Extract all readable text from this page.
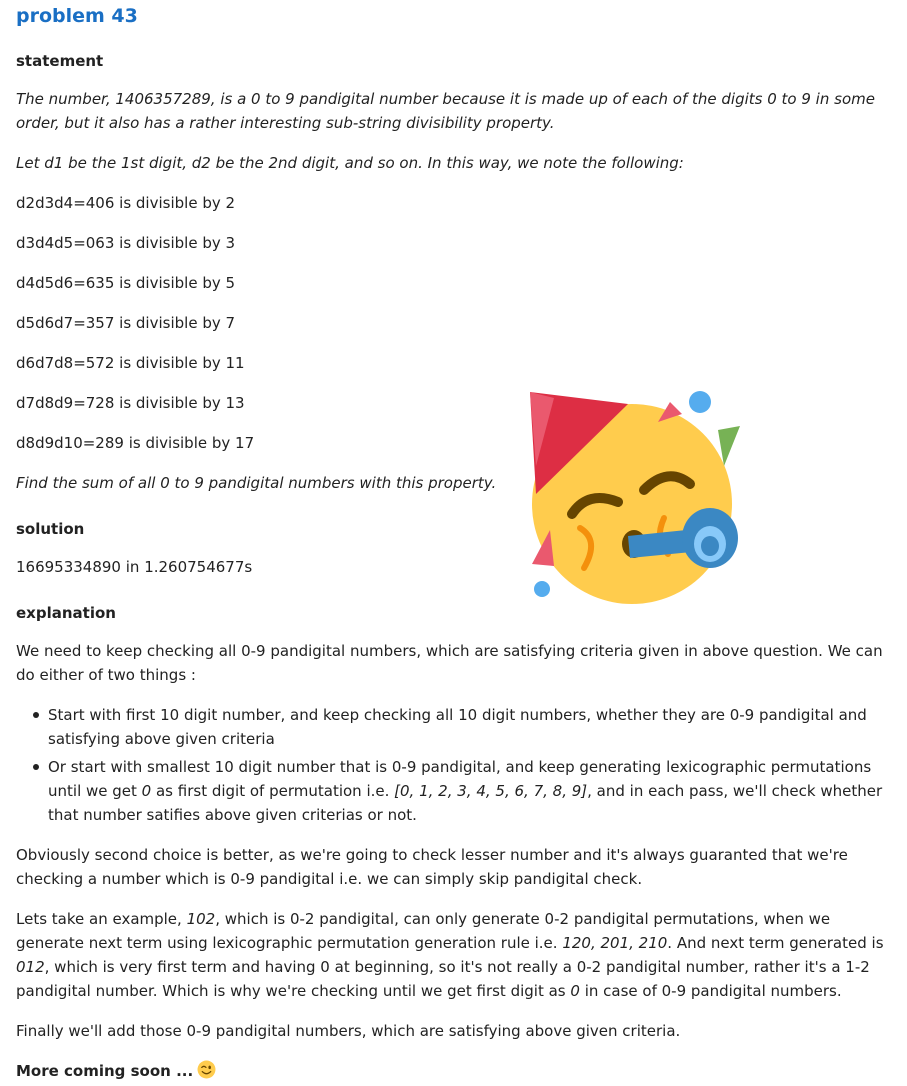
problem 43
statement

The number, 1406357289, is a 0 to 9 pandigital number because it is made up of each of the digits 0 to 9 in some order, but it also has a rather interesting sub-string divisibility property.

Let d1 be the 1st digit, d2 be the 2nd digit, and so on. In this way, we note the following:

d2d3d4=406 is divisible by 2

d3d4d5=063 is divisible by 3

d4d5d6=635 is divisible by 5

d5d6d7=357 is divisible by 7

d6d7d8=572 is divisible by 11

d7d8d9=728 is divisible by 13

d8d9d10=289 is divisible by 17

Find the sum of all 0 to 9 pandigital numbers with this property.

solution

16695334890 in 1.260754677s

explanation

We need to keep checking all 0-9 pandigital numbers, which are satisfying criteria given in above question. We can do either of two things :

Start with first 10 digit number, and keep checking all 10 digit numbers, whether they are 0-9 pandigital and satisfying above given criteria
Or start with smallest 10 digit number that is 0-9 pandigital, and keep generating lexicographic permutations until we get 0 as first digit of permutation i.e. [0, 1, 2, 3, 4, 5, 6, 7, 8, 9], and in each pass, we'll check whether that number satifies above given criterias or not.

Obviously second choice is better, as we're going to check lesser number and it's always guaranted that we're checking a number which is 0-9 pandigital i.e. we can simply skip pandigital check.

Lets take an example, 102, which is 0-2 pandigital, can only generate 0-2 pandigital permutations, when we generate next term using lexicographic permutation generation rule i.e. 120, 201, 210. And next term generated is 012, which is very first term and having 0 at beginning, so it's not really a 0-2 pandigital number, rather it's a 1-2 pandigital number. Which is why we're checking until we get first digit as 0 in case of 0-9 pandigital numbers.

Finally we'll add those 0-9 pandigital numbers, which are satisfying above given criteria.

More coming soon ...
